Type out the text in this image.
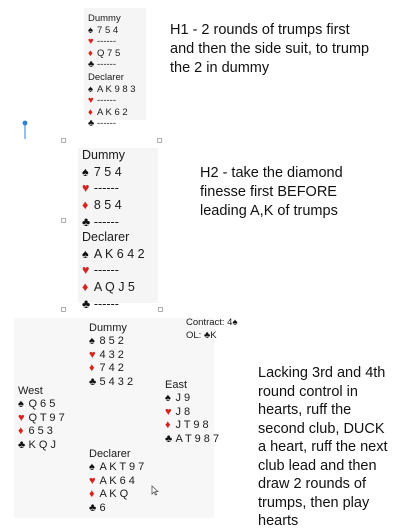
Dummy
♠ 7 5 4
♥ ------
♦ Q 7 5
♣ ------
Declarer
♠ A K 9 8 3
♥ ------
♦ A K 6 2
♣ ------
H1 - 2 rounds of trumps first and then the side suit, to trump the 2 in dummy
Dummy
♠ 7 5 4
♥ ------
♦ 8 5 4
♣ ------
Declarer
♠ A K 6 4 2
♥ ------
♦ A Q J 5
♣ ------
H2 - take the diamond finesse first BEFORE leading A,K of trumps
Contract: 4♠
OL: ♣K
Dummy
♠ 8 5 2
♥ 4 3 2
♦ 7 4 2
♣ 5 4 3 2
West
♠ Q 6 5
♥ Q T 9 7
♦ 6 5 3
♣ K Q J
East
♠ J 9
♥ J 8
♦ J T 9 8
♣ A T 9 8 7
Declarer
♠ A K T 9 7
♥ A K 6 4
♦ A K Q
♣ 6
Lacking 3rd and 4th round control in hearts, ruff the second club, DUCK a heart, ruff the next club lead and then draw 2 rounds of trumps, then play hearts
